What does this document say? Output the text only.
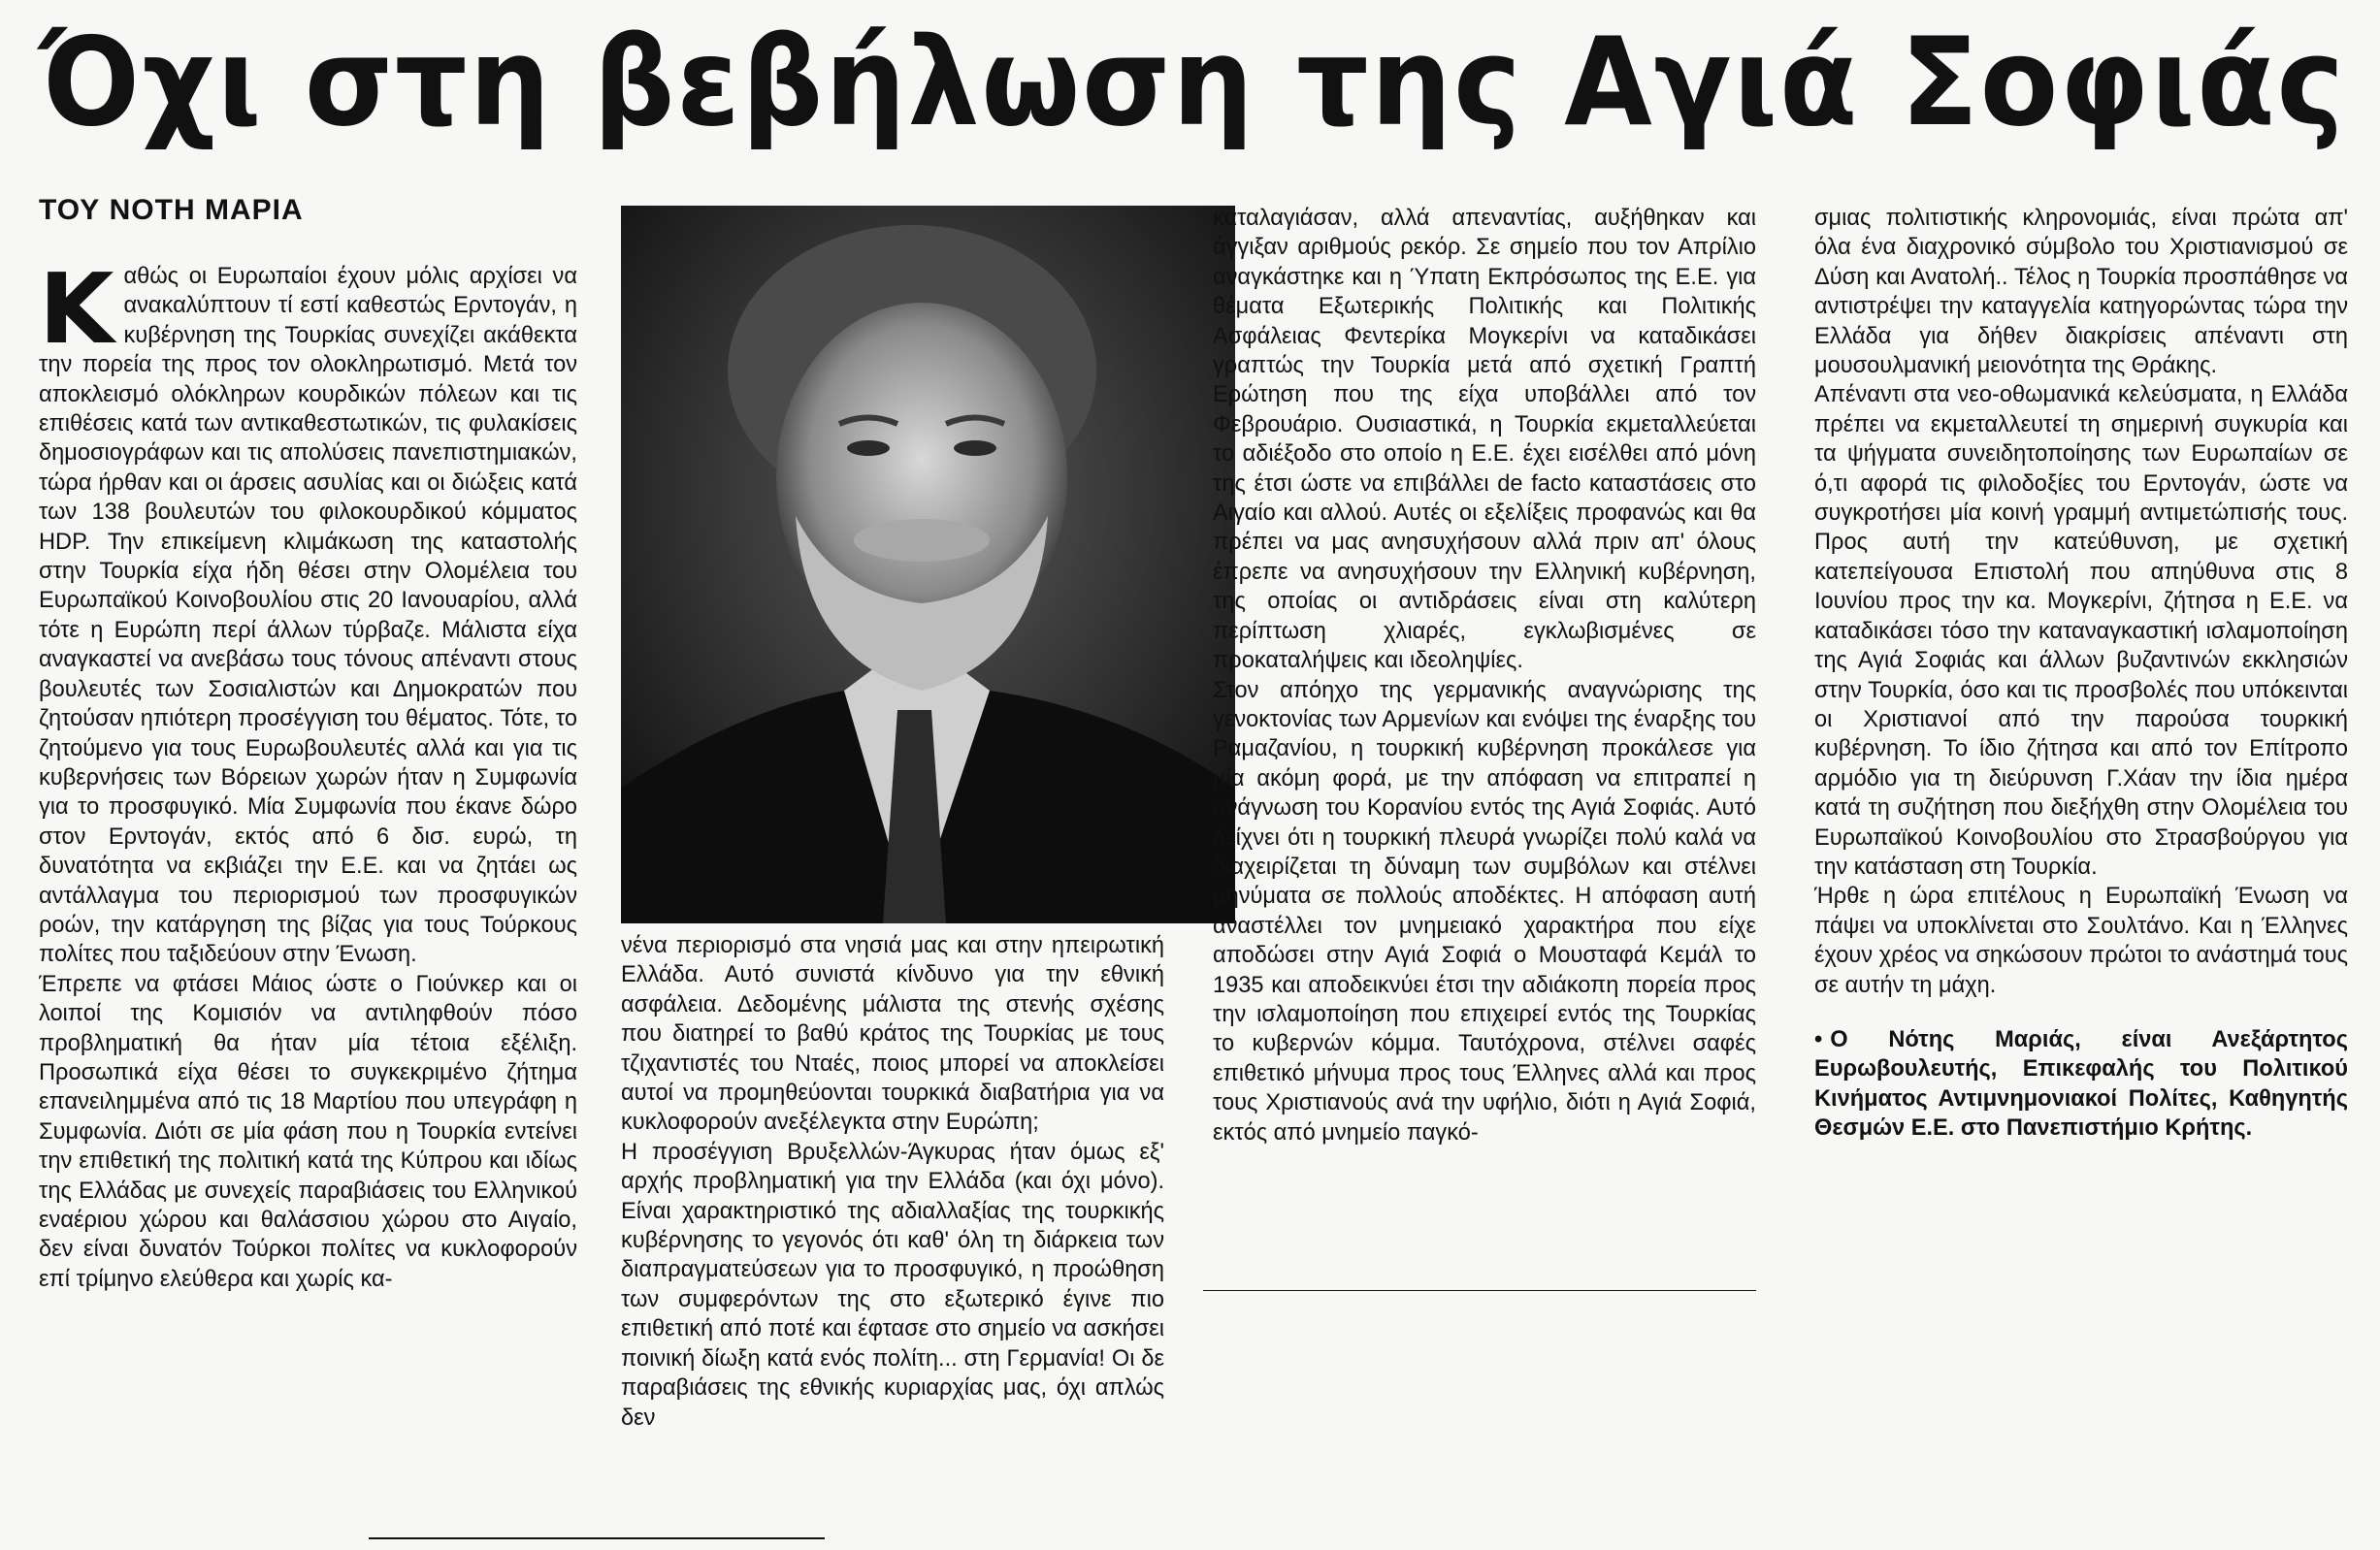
Όχι στη βεβήλωση της Αγιά Σοφιάς
ΤΟΥ ΝΟΤΗ ΜΑΡΙΑ
Κ αθώς οι Ευρωπαίοι έχουν μόλις αρχίσει να ανακαλύπτουν τί εστί καθεστώς Ερντογάν, η κυβέρνηση της Τουρκίας συνεχίζει ακάθεκτα την πορεία της προς τον ολοκληρωτισμό. Μετά τον αποκλεισμό ολόκληρων κουρδικών πόλεων και τις επιθέσεις κατά των αντικαθεστωτικών, τις φυλακίσεις δημοσιογράφων και τις απολύσεις πανεπιστημιακών, τώρα ήρθαν και οι άρσεις ασυλίας και οι διώξεις κατά των 138 βουλευτών του φιλοκουρδικού κόμματος HDP. Την επικείμενη κλιμάκωση της καταστολής στην Τουρκία είχα ήδη θέσει στην Ολομέλεια του Ευρωπαϊκού Κοινοβουλίου στις 20 Ιανουαρίου, αλλά τότε η Ευρώπη περί άλλων τύρβαζε. Μάλιστα είχα αναγκαστεί να ανεβάσω τους τόνους απέναντι στους βουλευτές των Σοσιαλιστών και Δημοκρατών που ζητούσαν ηπιότερη προσέγγιση του θέματος. Τότε, το ζητούμενο για τους Ευρωβουλευτές αλλά και για τις κυβερνήσεις των Βόρειων χωρών ήταν η Συμφωνία για το προσφυγικό. Μία Συμφωνία που έκανε δώρο στον Ερντογάν, εκτός από 6 δισ. ευρώ, τη δυνατότητα να εκβιάζει την Ε.Ε. και να ζητάει ως αντάλλαγμα του περιορισμού των προσφυγικών ροών, την κατάργηση της βίζας για τους Τούρκους πολίτες που ταξιδεύουν στην Ένωση.

Έπρεπε να φτάσει Μάιος ώστε ο Γιούνκερ και οι λοιποί της Κομισιόν να αντιληφθούν πόσο προβληματική θα ήταν μία τέτοια εξέλιξη. Προσωπικά είχα θέσει το συγκεκριμένο ζήτημα επανειλημμένα από τις 18 Μαρτίου που υπεγράφη η Συμφωνία. Διότι σε μία φάση που η Τουρκία εντείνει την επιθετική της πολιτική κατά της Κύπρου και ιδίως της Ελλάδας με συνεχείς παραβιάσεις του Ελληνικού εναέριου χώρου και θαλάσσιου χώρου στο Αιγαίο, δεν είναι δυνατόν Τούρκοι πολίτες να κυκλοφορούν επί τρίμηνο ελεύθερα και χωρίς κα-

νένα περιορισμό στα νησιά μας και στην ηπειρωτική Ελλάδα. Αυτό συνιστά κίνδυνο για την εθνική ασφάλεια. Δεδομένης μάλιστα της στενής σχέσης που διατηρεί το βαθύ κράτος της Τουρκίας με τους τζιχαντιστές του Νταές, ποιος μπορεί να αποκλείσει αυτοί να προμηθεύονται τουρκικά διαβατήρια για να κυκλοφορούν ανεξέλεγκτα στην Ευρώπη;

Η προσέγγιση Βρυξελλών-Άγκυρας ήταν όμως εξ' αρχής προβληματική για την Ελλάδα (και όχι μόνο). Είναι χαρακτηριστικό της αδιαλλαξίας της τουρκικής κυβέρνησης το γεγονός ότι καθ' όλη τη διάρκεια των διαπραγματεύσεων για το προσφυγικό, η προώθηση των συμφερόντων της στο εξωτερικό έγινε πιο επιθετική από ποτέ και έφτασε στο σημείο να ασκήσει ποινική δίωξη κατά ενός πολίτη... στη Γερμανία! Οι δε παραβιάσεις της εθνικής κυριαρχίας μας, όχι απλώς δεν

καταλαγιάσαν, αλλά απεναντίας, αυξήθηκαν και άγγιξαν αριθμούς ρεκόρ. Σε σημείο που τον Απρίλιο αναγκάστηκε και η Ύπατη Εκπρόσωπος της Ε.Ε. για θέματα Εξωτερικής Πολιτικής και Πολιτικής Ασφάλειας Φεντερίκα Μογκερίνι να καταδικάσει γραπτώς την Τουρκία μετά από σχετική Γραπτή Ερώτηση που της είχα υποβάλλει από τον Φεβρουάριο. Ουσιαστικά, η Τουρκία εκμεταλλεύεται το αδιέξοδο στο οποίο η Ε.Ε. έχει εισέλθει από μόνη της έτσι ώστε να επιβάλλει de facto καταστάσεις στο Αιγαίο και αλλού. Αυτές οι εξελίξεις προφανώς και θα πρέπει να μας ανησυχήσουν αλλά πριν απ' όλους έπρεπε να ανησυχήσουν την Ελληνική κυβέρνηση, της οποίας οι αντιδράσεις είναι στη καλύτερη περίπτωση χλιαρές, εγκλωβισμένες σε προκαταλήψεις και ιδεοληψίες.

Στον απόηχο της γερμανικής αναγνώρισης της γενοκτονίας των Αρμενίων και ενόψει της έναρξης του Ραμαζανίου, η τουρκική κυβέρνηση προκάλεσε για μία ακόμη φορά, με την απόφαση να επιτραπεί η ανάγνωση του Κορανίου εντός της Αγιά Σοφιάς. Αυτό δείχνει ότι η τουρκική πλευρά γνωρίζει πολύ καλά να διαχειρίζεται τη δύναμη των συμβόλων και στέλνει μηνύματα σε πολλούς αποδέκτες. Η απόφαση αυτή αναστέλλει τον μνημειακό χαρακτήρα που είχε αποδώσει στην Αγιά Σοφιά ο Μουσταφά Κεμάλ το 1935 και αποδεικνύει έτσι την αδιάκοπη πορεία προς την ισλαμοποίηση που επιχειρεί εντός της Τουρκίας το κυβερνών κόμμα. Ταυτόχρονα, στέλνει σαφές επιθετικό μήνυμα προς τους Έλληνες αλλά και προς τους Χριστιανούς ανά την υφήλιο, διότι η Αγιά Σοφιά, εκτός από μνημείο παγκό-

σμιας πολιτιστικής κληρονομιάς, είναι πρώτα απ' όλα ένα διαχρονικό σύμβολο του Χριστιανισμού σε Δύση και Ανατολή.. Τέλος η Τουρκία προσπάθησε να αντιστρέψει την καταγγελία κατηγορώντας τώρα την Ελλάδα για δήθεν διακρίσεις απέναντι στη μουσουλμανική μειονότητα της Θράκης.

Απέναντι στα νεο-οθωμανικά κελεύσματα, η Ελλάδα πρέπει να εκμεταλλευτεί τη σημερινή συγκυρία και τα ψήγματα συνειδητοποίησης των Ευρωπαίων σε ό,τι αφορά τις φιλοδοξίες του Ερντογάν, ώστε να συγκροτήσει μία κοινή γραμμή αντιμετώπισής τους. Προς αυτή την κατεύθυνση, με σχετική κατεπείγουσα Επιστολή που απηύθυνα στις 8 Ιουνίου προς την κα. Μογκερίνι, ζήτησα η Ε.Ε. να καταδικάσει τόσο την καταναγκαστική ισλαμοποίηση της Αγιά Σοφιάς και άλλων βυζαντινών εκκλησιών στην Τουρκία, όσο και τις προσβολές που υπόκεινται οι Χριστιανοί από την παρούσα τουρκική κυβέρνηση. Το ίδιο ζήτησα και από τον Επίτροπο αρμόδιο για τη διεύρυνση Γ.Χάαν την ίδια ημέρα κατά τη συζήτηση που διεξήχθη στην Ολομέλεια του Ευρωπαϊκού Κοινοβουλίου στο Στρασβούργου για την κατάσταση στη Τουρκία.

Ήρθε η ώρα επιτέλους η Ευρωπαϊκή Ένωση να πάψει να υποκλίνεται στο Σουλτάνο. Και η Έλληνες έχουν χρέος να σηκώσουν πρώτοι το ανάστημά τους σε αυτήν τη μάχη.

• Ο Νότης Μαριάς, είναι Ανεξάρτητος Ευρωβουλευτής, Επικεφαλής του Πολιτικού Κινήματος Αντιμνημονιακοί Πολίτες, Καθηγητής Θεσμών Ε.Ε. στο Πανεπιστήμιο Κρήτης.
